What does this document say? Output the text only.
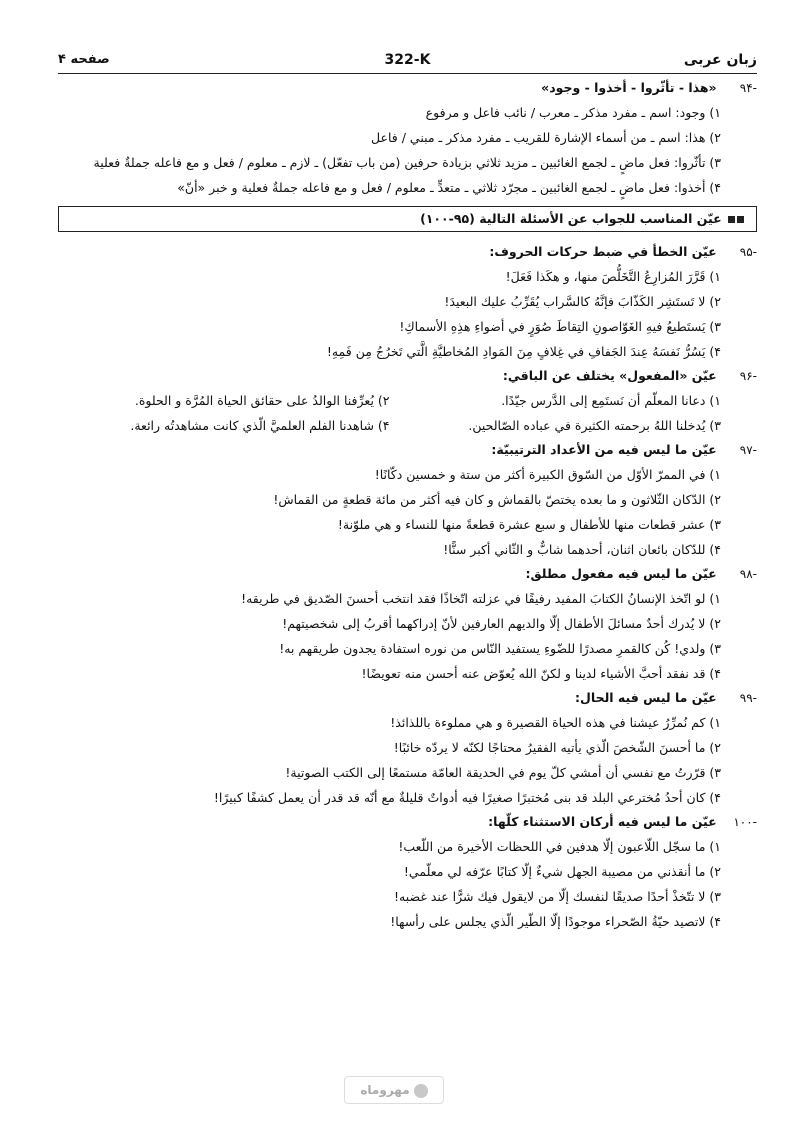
زبان عربی
322-K
صفحه ۴
-۹۴ «هذا - تأثّروا - أخذوا - وجود»
۱) وجود: اسم ـ مفرد مذكر ـ معرب / نائب فاعل و مرفوع
۲) هذا: اسم ـ من أسماء الإشارة للقريب ـ مفرد مذكر ـ مبني / فاعل
۳) تأثّروا: فعل ماضٍ ـ لجمع الغائبين ـ مزيد ثلاثي بزيادة حرفين (من باب تفعّل) ـ لازم ـ معلوم / فعل و مع فاعله جملةٌ فعلية
۴) أخذوا: فعل ماضٍ ـ لجمع الغائبين ـ مجرّد ثلاثي ـ متعدٍّ ـ معلوم / فعل و مع فاعله جملةٌ فعلية و خبر «أنّ»
عيّن المناسب للجواب عن الأسئلة التالية (۹۵-۱۰۰)
-۹۵ عيّن الخطأ في ضبط حركات الحروف:
۱) قَرَّرَ المُزارِعُ التَّخَلُّصَ منها، و هكَذا فَعَلَ!
۲) لا تَستَشِر الكَذّابَ فإنَّهُ كالسَّراب يُقَرِّبُ عليك البعيدَ!
۳) يَستَطيعُ فيهِ الغَوّاصونِ التِقاطَ صُوَرٍ في أضواءِ هذِهِ الأسماكِ!
۴) يَسُرُّ نَفسَهُ عِندَ الجَفافِ في غِلافٍ مِنَ المَوادِ المُخاطيَّةِ الَّتي تَخرُجُ مِن فَمِهِ!
-۹۶ عيّن «المفعول» يختلف عن الباقي:
۱) دعانا المعلّم أن نَستَمِع إلى الدَّرس جيّدًا.
۲) يُعرِّفنا الوالدُ على حقائق الحياة المُرَّة و الحلوة.
۳) يُدخلنا اللهُ برحمته الكثيرة في عباده الصّالحين.
۴) شاهدنا الفلم العلميَّ الّذي كانت مشاهدتُه رائعة.
-۹۷ عيّن ما ليس فيه من الأعداد الترتيبيّة:
۱) في الممرّ الأوّل من السّوق الكبيرة أكثر من ستة و خمسين دكّانًا!
۲) الدّكان الثّلاثون و ما بعده يختصّ بالقماش و كان فيه أكثر من مائة قطعةٍ من القماش!
۳) عشر قطعات منها للأطفال و سبع عشرة قطعةً منها للنساء و هي ملوّنة!
۴) للدّكان بائعان اثنان، أحدهما شابٌّ و الثّاني أكبر سنًّا!
-۹۸ عيّن ما ليس فيه مفعول مطلق:
۱) لو اتّخذ الإنسانُ الكتابَ المفيد رفيقًا في عزلته اتّخاذًا فقد انتخب أحسنَ الصّديق في طريقه!
۲) لا يُدرك أحدٌ مسائلَ الأطفال إلّا والديهم العارفين لأنّ إدراكهما أقربُ إلى شخصيتهم!
۳) ولدي! كُن كالقمرِ مصدرًا للضّوءِ يستفيد النّاس من نوره استفادة يجدون طريقهم به!
۴) قد نفقد أحبَّ الأشياء لدينا و لكنّ الله يُعوّض عنه أحسن منه تعويضًا!
-۹۹ عيّن ما ليس فيه الحال:
۱) كم نُمرِّرُ عيشنا في هذه الحياة القصيرة و هي مملوءة باللذائذ!
۲) ما أحسنَ الشّخصَ الّذي يأتيه الفقيرُ محتاجًا لكنّه لا يردّه خائبًا!
۳) قرّرتُ مع نفسي أن أمشي كلّ يوم في الحديقة العامّة مستمعًا إلى الكتب الصوتية!
۴) كان أحدُ مُخترعي البلد قد بنى مُختبرًا صغيرًا فيه أدواتٌ قليلةٌ مع أنّه قد قدر أن يعمل كشفًا كبيرًا!
-۱۰۰ عيّن ما ليس فيه أركان الاستثناء كلّها:
۱) ما سجّل اللّاعبون إلّا هدفين في اللحظات الأخيرة من اللّعب!
۲) ما أنقذني من مصيبة الجهل شيءٌ إلّا كتابًا عرّفه لي معلّمي!
۳) لا تتّخذْ أحدًا صديقًا لنفسك إلّا من لايقول فيك شرًّا عند غضبه!
۴) لاتصيد حيّةُ الصّحراء موجودًا إلّا الطّير الّذي يجلس على رأسها!
مهروماه
